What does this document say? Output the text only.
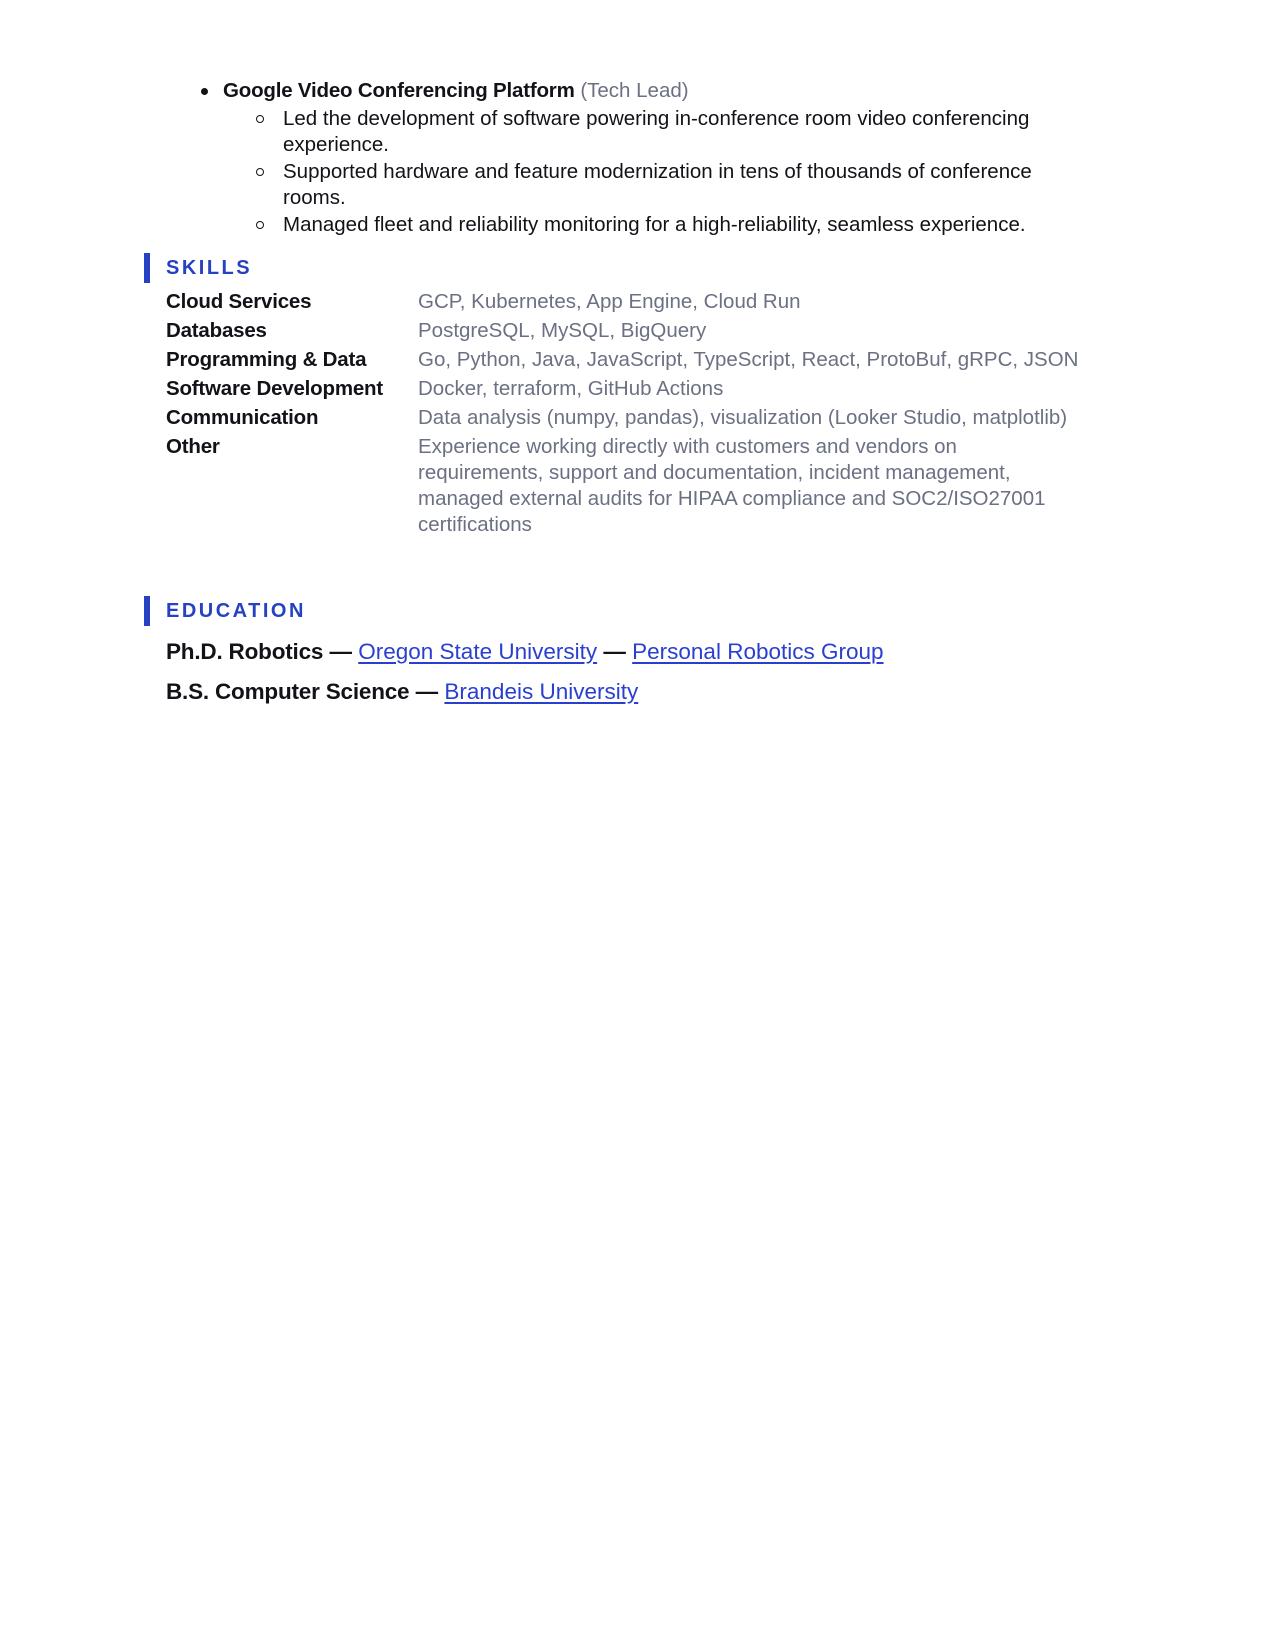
Google Video Conferencing Platform (Tech Lead)
Led the development of software powering in-conference room video conferencing experience.
Supported hardware and feature modernization in tens of thousands of conference rooms.
Managed fleet and reliability monitoring for a high-reliability, seamless experience.
SKILLS
Cloud Services	GCP, Kubernetes, App Engine, Cloud Run
Databases	PostgreSQL, MySQL, BigQuery
Programming & Data	Go, Python, Java, JavaScript, TypeScript, React, ProtoBuf, gRPC, JSON
Software Development	Docker, terraform, GitHub Actions
Communication	Data analysis (numpy, pandas), visualization (Looker Studio, matplotlib)
Other	Experience working directly with customers and vendors on requirements, support and documentation, incident management, managed external audits for HIPAA compliance and SOC2/ISO27001 certifications
EDUCATION
Ph.D. Robotics — Oregon State University — Personal Robotics Group
B.S. Computer Science — Brandeis University
